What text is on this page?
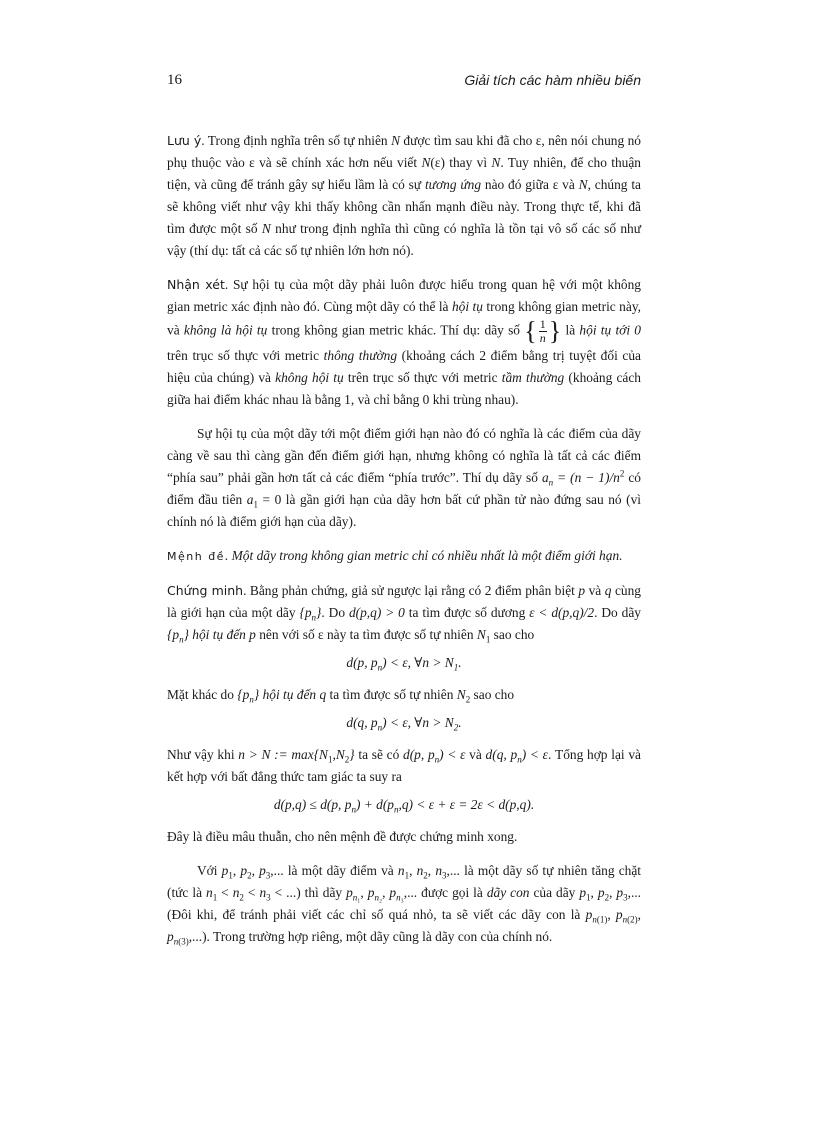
16	Giải tích các hàm nhiều biến

Lưu ý. Trong định nghĩa trên số tự nhiên N được tìm sau khi đã cho ε, nên nói chung nó phụ thuộc vào ε và sẽ chính xác hơn nếu viết N(ε) thay vì N. Tuy nhiên, để cho thuận tiện, và cũng để tránh gây sự hiểu lầm là có sự tương ứng nào đó giữa ε và N, chúng ta sẽ không viết như vậy khi thấy không cần nhấn mạnh điều này. Trong thực tế, khi đã tìm được một số N như trong định nghĩa thì cũng có nghĩa là tồn tại vô số các số như vậy (thí dụ: tất cả các số tự nhiên lớn hơn nó).

Nhận xét. Sự hội tụ của một dãy phải luôn được hiểu trong quan hệ với một không gian metric xác định nào đó. Cùng một dãy có thể là hội tụ trong không gian metric này, và không là hội tụ trong không gian metric khác. Thí dụ: dãy số { $\frac{1}{n}$ } là hội tụ tới 0 trên trục số thực với metric thông thường (khoảng cách 2 điểm bằng trị tuyệt đối của hiệu của chúng) và không hội tụ trên trục số thực với metric tầm thường (khoảng cách giữa hai điểm khác nhau là bằng 1, và chỉ bằng 0 khi trùng nhau).

Sự hội tụ của một dãy tới một điểm giới hạn nào đó có nghĩa là các điểm của dãy càng về sau thì càng gần đến điểm giới hạn, nhưng không có nghĩa là tất cả các điểm “phía sau” phải gần hơn tất cả các điểm “phía trước”. Thí dụ dãy số $a_n = (n - 1)/n^2$ có điểm đầu tiên $a_1 = 0$ là gần giới hạn của dãy hơn bất cứ phần tử nào đứng sau nó (vì chính nó là điểm giới hạn của dãy).

Mệnh đề. Một dãy trong không gian metric chỉ có nhiều nhất là một điểm giới hạn.

Chứng minh. Bằng phản chứng, giả sử ngược lại rằng có 2 điểm phân biệt p và q cùng là giới hạn của một dãy $\{p_n\}$. Do d(p,q) > 0 ta tìm được số dương ε < d(p,q)/2. Do dãy $\{p_n\}$ hội tụ đến p nên với số ε này ta tìm được số tự nhiên $N_1$ sao cho

d(p, $p_n) < \varepsilon$, ∀n > $N_1$.

Mặt khác do $\{p_n\}$ hội tụ đến q ta tìm được số tự nhiên $N_2$ sao cho

d(q, $p_n) < \varepsilon$, ∀n > $N_2$.

Như vậy khi n > N := $\max\{N_1,N_2\}$ ta sẽ có d(p, $p_n) < \varepsilon$ và d(q, $p_n) < \varepsilon$. Tổng hợp lại và kết hợp với bất đẳng thức tam giác ta suy ra

d(p,q) ≤ d(p, $p_n) + d(p_n,q) < \varepsilon + \varepsilon = 2\varepsilon < d(p,q)$.

Đây là điều mâu thuẫn, cho nên mệnh đề được chứng minh xong.

Với $p_1$, $p_2$, $p_3$,... là một dãy điểm và $n_1$, $n_2$, $n_3$,... là một dãy số tự nhiên tăng chặt (tức là $n_1 < n_2 < n_3$ < ...) thì dãy $p_{n_1}$, $p_{n_2}$, $p_{n_3}$,... được gọi là dãy con của dãy $p_1$, $p_2$, $p_3$,... (Đôi khi, để tránh phải viết các chỉ số quá nhỏ, ta sẽ viết các dãy con là $p_{n(1)}$, $p_{n(2)}$, $p_{n(3)}$,...). Trong trường hợp riêng, một dãy cũng là dãy con của chính nó.
